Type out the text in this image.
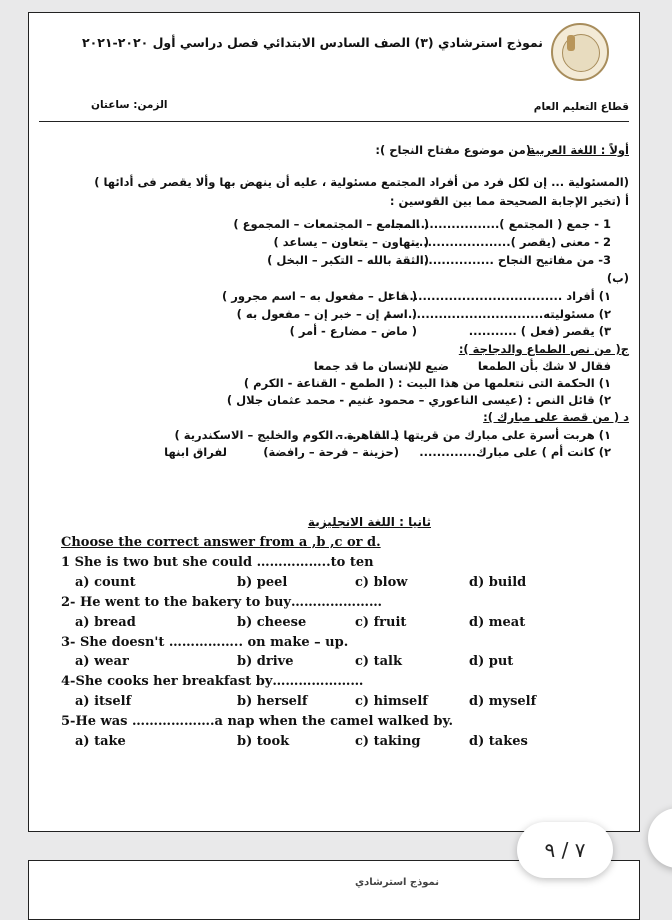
نموذج استرشادي (٣) الصف السادس الابتدائي فصل دراسي أول ٢٠٢٠-٢٠٢١
قطاع التعليم العام
الزمن: ساعتان
أولاً : اللغة العربية
(من موضوع مفتاح النجاح ):
(المسئولية ... إن لكل فرد من أفراد المجتمع مسئولية ، عليه أن ينهض بها وألا يقصر فى أدائها )
أ (تخير الإجابة الصحيحة مما بين القوسين :
1 - جمع ( المجتمع ).........................
( المجامع – المجتمعات – المجموع )
2 - معنى (يقصر )........................
( يتهاون – يتعاون – يساعد )
3- من مفاتيح النجاح ....................
(الثقة بالله – التكبر – البخل )
(ب)
١) أفراد ...................................... :
( فاعل – مفعول به – اسم مجرور )
٢) مسئوليته.................................. :
( اسم إن – خبر إن – مفعول به )
٣) يقصر (فعل ) ...........
( ماض – مضارع - أمر )
ج( من نص الطماع والدجاجة ):
فقال لا شك بأن الطمعا
ضيع للإنسان ما قد جمعا
١) الحكمة التى نتعلمها من هذا البيت : ( الطمع - القناعة - الكرم )
٢) قائل النص : (عيسى الناعوري – محمود غنيم - محمد عثمان جلال )
د ( من قصة على مبارك ):
١) هربت أسرة على مبارك من قريتها بـ ............
( القاهرة – الكوم والخليج – الاسكندرية )
٢) كانت أم ) على مبارك.............
(حزينة – فرحة – رافضة)
لفراق ابنها
ثانيا : اللغة الانجليزية
Choose the correct answer from a ,b ,c or d.
1 She is two but she could ……………..to ten
a) count	b) peel	c) blow	d) build
2- He went to the bakery to buy…………………
a) bread	b) cheese	c) fruit	d) meat
3- She doesn't …………….. on make – up.
a) wear	b) drive	c) talk	d) put
4-She cooks her breakfast by…………………
a) itself	b) herself	c) himself	d) myself
5-He was ……………….a nap when the camel walked by.
a) take	b) took	c) taking	d) takes
نموذج استرشادي
٧ / ٩
